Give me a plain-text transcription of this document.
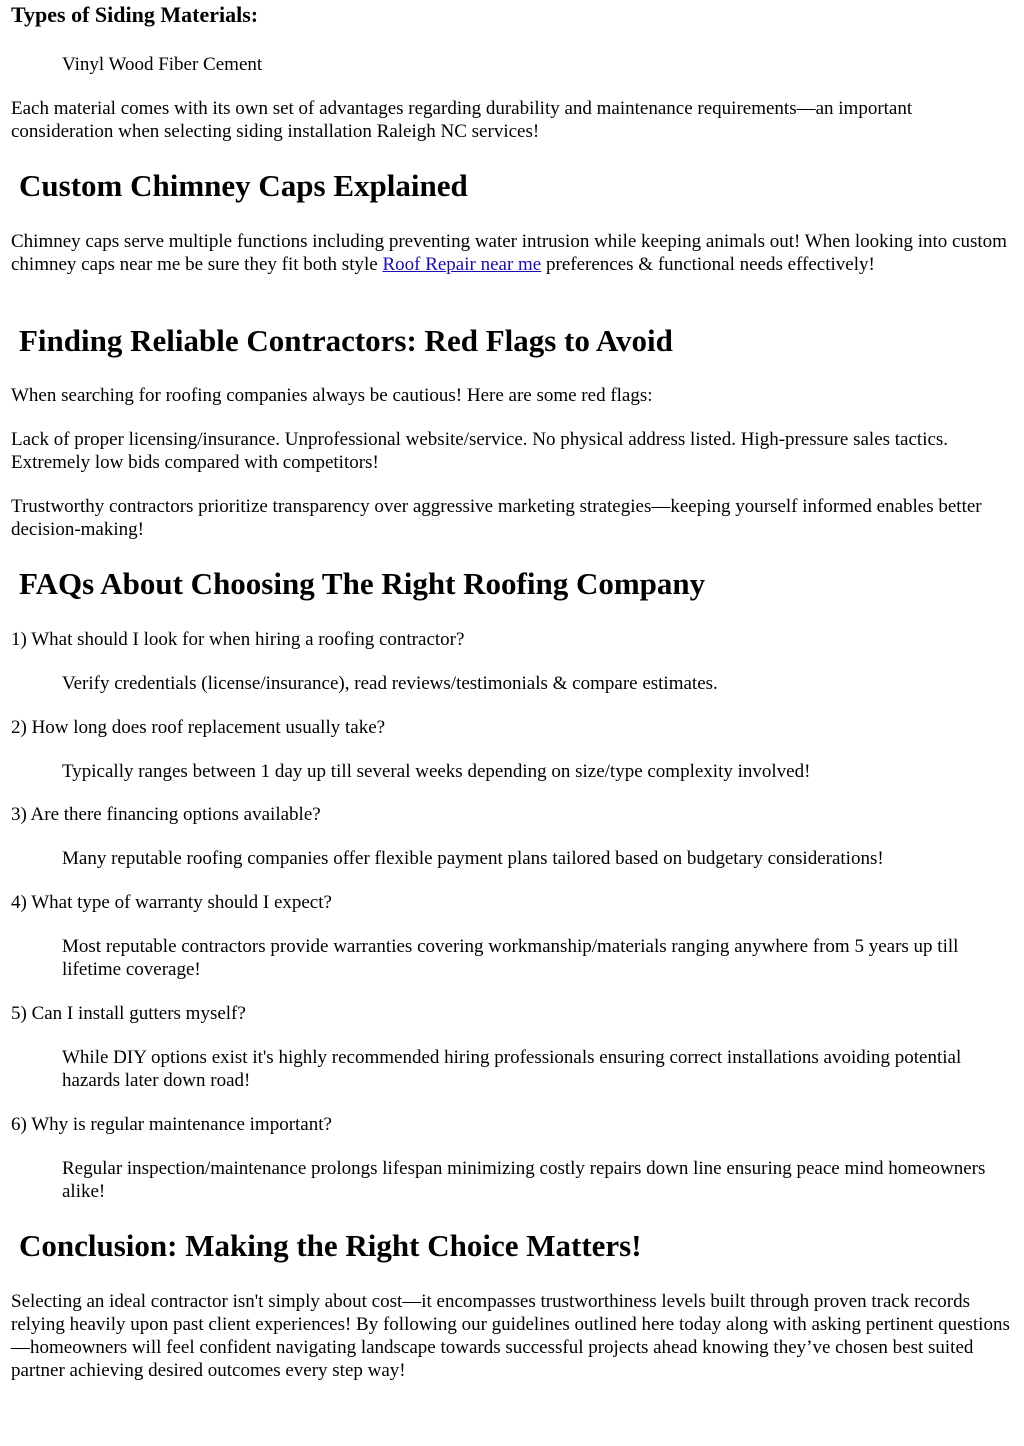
Types of Siding Materials:
Vinyl Wood Fiber Cement

Each material comes with its own set of advantages regarding durability and maintenance requirements—an important consideration when selecting siding installation Raleigh NC services!

Custom Chimney Caps Explained

Chimney caps serve multiple functions including preventing water intrusion while keeping animals out! When looking into custom chimney caps near me be sure they fit both style Roof Repair near me preferences & functional needs effectively!

Finding Reliable Contractors: Red Flags to Avoid

When searching for roofing companies always be cautious! Here are some red flags:

Lack of proper licensing/insurance. Unprofessional website/service. No physical address listed. High-pressure sales tactics. Extremely low bids compared with competitors!

Trustworthy contractors prioritize transparency over aggressive marketing strategies—keeping yourself informed enables better decision-making!

FAQs About Choosing The Right Roofing Company

1) What should I look for when hiring a roofing contractor?

Verify credentials (license/insurance), read reviews/testimonials & compare estimates.

2) How long does roof replacement usually take?

Typically ranges between 1 day up till several weeks depending on size/type complexity involved!

3) Are there financing options available?

Many reputable roofing companies offer flexible payment plans tailored based on budgetary considerations!

4) What type of warranty should I expect?

Most reputable contractors provide warranties covering workmanship/materials ranging anywhere from 5 years up till lifetime coverage!

5) Can I install gutters myself?

While DIY options exist it's highly recommended hiring professionals ensuring correct installations avoiding potential hazards later down road!

6) Why is regular maintenance important?

Regular inspection/maintenance prolongs lifespan minimizing costly repairs down line ensuring peace mind homeowners alike!
Conclusion: Making the Right Choice Matters!

Selecting an ideal contractor isn't simply about cost—it encompasses trustworthiness levels built through proven track records relying heavily upon past client experiences! By following our guidelines outlined here today along with asking pertinent questions—homeowners will feel confident navigating landscape towards successful projects ahead knowing they’ve chosen best suited partner achieving desired outcomes every step way!
